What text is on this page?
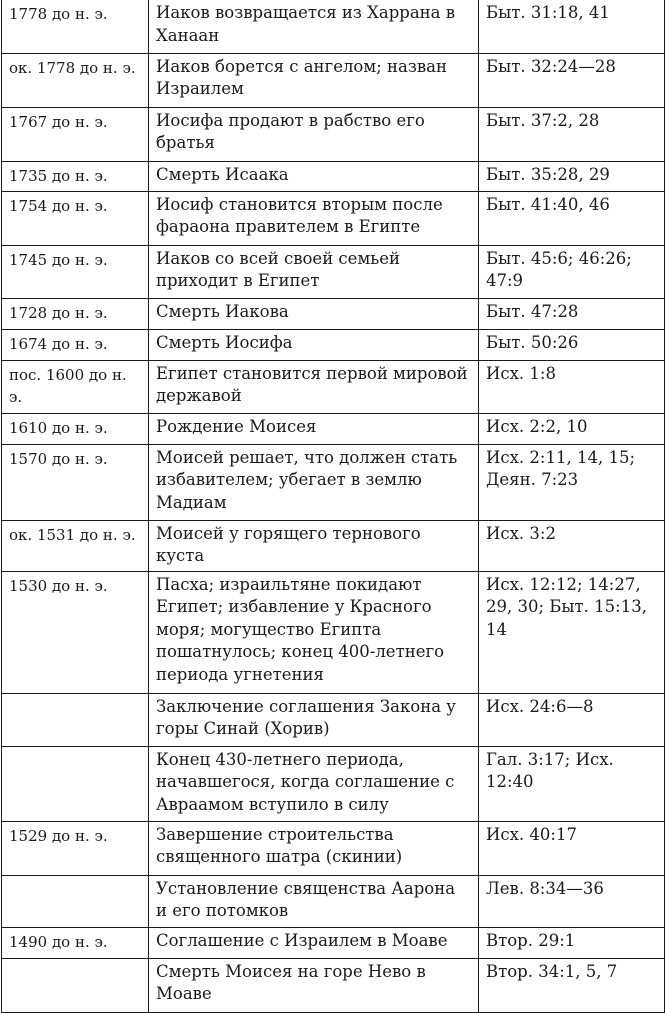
1778 до н. э.	Иаков возвращается из Харрана в Ханаан	Быт. 31:18, 41
ок. 1778 до н. э.	Иаков борется с ангелом; назван Израилем	Быт. 32:24—28
1767 до н. э.	Иосифа продают в рабство его братья	Быт. 37:2, 28
1735 до н. э.	Смерть Исаака	Быт. 35:28, 29
1754 до н. э.	Иосиф становится вторым после фараона правителем в Египте	Быт. 41:40, 46
1745 до н. э.	Иаков со всей своей семьей приходит в Египет	Быт. 45:6; 46:26; 47:9
1728 до н. э.	Смерть Иакова	Быт. 47:28
1674 до н. э.	Смерть Иосифа	Быт. 50:26
пос. 1600 до н. э.	Египет становится первой мировой державой	Исх. 1:8
1610 до н. э.	Рождение Моисея	Исх. 2:2, 10
1570 до н. э.	Моисей решает, что должен стать избавителем; убегает в землю Мадиам	Исх. 2:11, 14, 15; Деян. 7:23
ок. 1531 до н. э.	Моисей у горящего тернового куста	Исх. 3:2
1530 до н. э.	Пасха; израильтяне покидают Египет; избавление у Красного моря; могущество Египта пошатнулось; конец 400-летнего периода угнетения	Исх. 12:12; 14:27, 29, 30; Быт. 15:13, 14
	Заключение соглашения Закона у горы Синай (Хорив)	Исх. 24:6—8
	Конец 430-летнего периода, начавшегося, когда соглашение с Авраамом вступило в силу	Гал. 3:17; Исх. 12:40
1529 до н. э.	Завершение строительства священного шатра (скинии)	Исх. 40:17
	Установление священства Аарона и его потомков	Лев. 8:34—36
1490 до н. э.	Соглашение с Израилем в Моаве	Втор. 29:1
	Смерть Моисея на горе Нево в Моаве	Втор. 34:1, 5, 7
